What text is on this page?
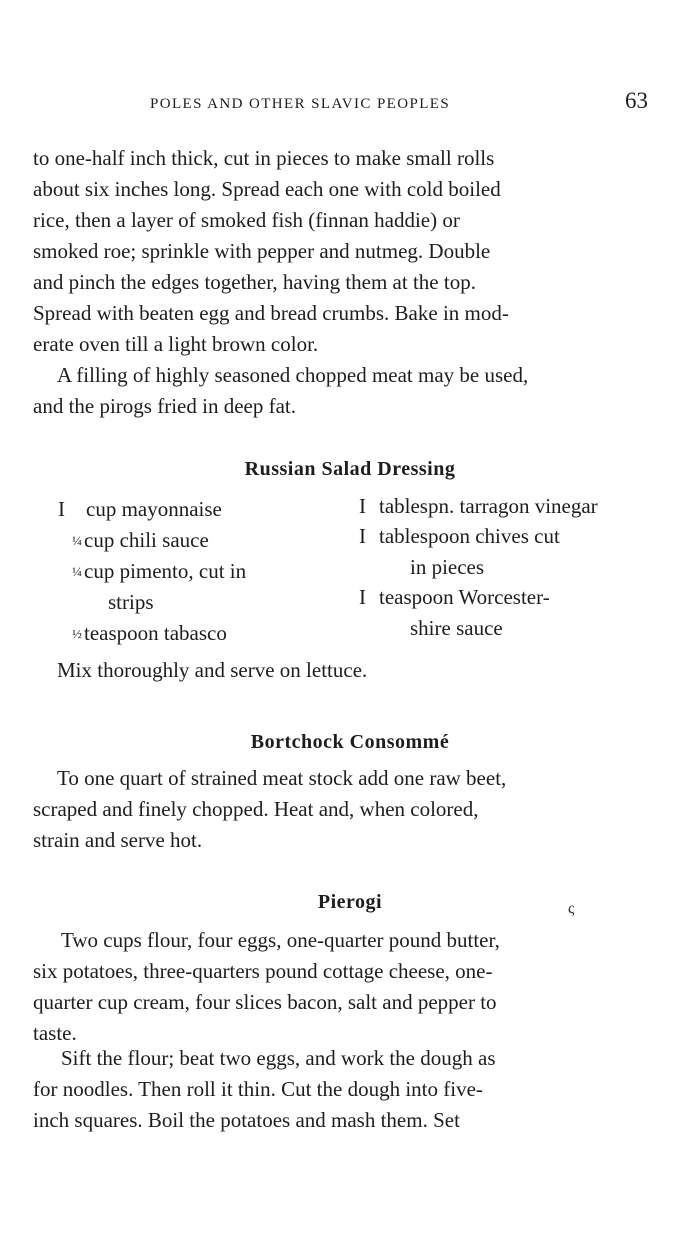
POLES AND OTHER SLAVIC PEOPLES	63

to one-half inch thick, cut in pieces to make small rolls

about six inches long. Spread each one with cold boiled

rice, then a layer of smoked fish (finnan haddie) or

smoked roe; sprinkle with pepper and nutmeg. Double

and pinch the edges together, having them at the top.

Spread with beaten egg and bread crumbs. Bake in mod-

erate oven till a light brown color.

A filling of highly seasoned chopped meat may be used,

and the pirogs fried in deep fat.

Russian Salad Dressing
I cup mayonnaise
¼ cup chili sauce
¼ cup pimento, cut in
strips
½ teaspoon tabasco
I tablespn. tarragon vinegar
I tablespoon chives cut
in pieces
I teaspoon Worcester-
shire sauce

Mix thoroughly and serve on lettuce.

Bortchock Consommé

To one quart of strained meat stock add one raw beet,

scraped and finely chopped. Heat and, when colored,

strain and serve hot.

Pierogi	ς

Two cups flour, four eggs, one-quarter pound butter,

six potatoes, three-quarters pound cottage cheese, one-

quarter cup cream, four slices bacon, salt and pepper to

taste.

Sift the flour; beat two eggs, and work the dough as

for noodles. Then roll it thin. Cut the dough into five-

inch squares. Boil the potatoes and mash them. Set
